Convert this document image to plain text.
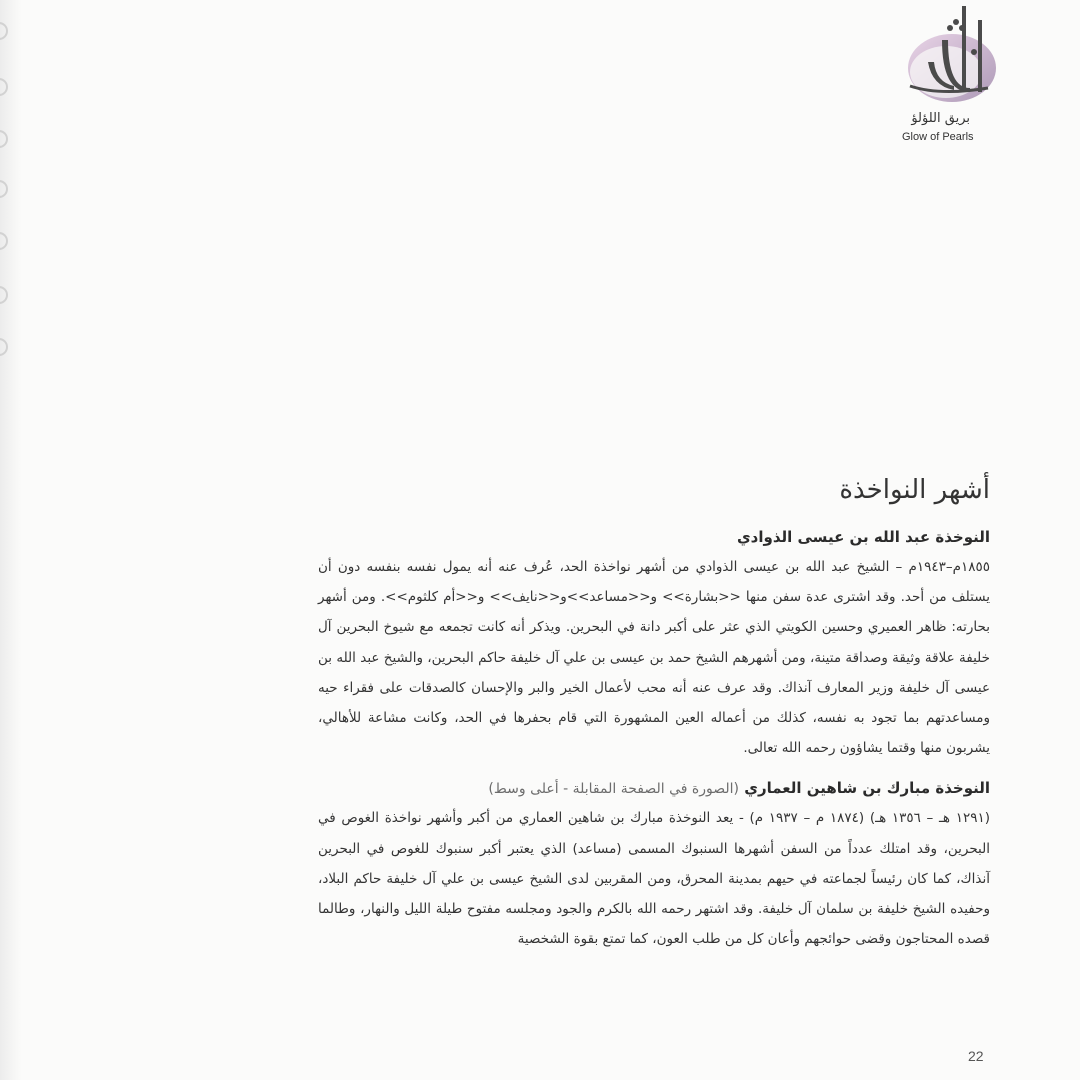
بريق اللؤلؤ
Glow of Pearls
أشهر النواخذة
النوخذة عبد الله بن عيسى الذوادي

١٨٥٥م–١٩٤٣م – الشيخ عبد الله بن عيسى الذوادي من أشهر نواخذة الحد، عُرف عنه أنه يمول نفسه بنفسه دون أن يستلف من أحد. وقد اشترى عدة سفن منها <<بشارة>> و<<مساعد>>و<<نايف>> و<<أم كلثوم>>. ومن أشهر بحارته: ظاهر العميري وحسين الكويتي الذي عثر على أكبر دانة في البحرين. ويذكر أنه كانت تجمعه مع شيوخ البحرين آل خليفة علاقة وثيقة وصداقة متينة، ومن أشهرهم الشيخ حمد بن عيسى بن علي آل خليفة حاكم البحرين، والشيخ عبد الله بن عيسى آل خليفة وزير المعارف آنذاك. وقد عرف عنه أنه محب لأعمال الخير والبر والإحسان كالصدقات على فقراء حيه ومساعدتهم بما تجود به نفسه، كذلك من أعماله العين المشهورة التي قام بحفرها في الحد، وكانت مشاعة للأهالي، يشربون منها وقتما يشاؤون رحمه الله تعالى.

النوخذة مبارك بن شاهين العماري (الصورة في الصفحة المقابلة - أعلى وسط)

(١٢٩١ هـ – ١٣٥٦ هـ) (١٨٧٤ م – ١٩٣٧ م) - يعد النوخذة مبارك بن شاهين العماري من أكبر وأشهر نواخذة الغوص في البحرين، وقد امتلك عدداً من السفن أشهرها السنبوك المسمى (مساعد) الذي يعتبر أكبر سنبوك للغوص في البحرين آنذاك، كما كان رئيساً لجماعته في حيهم بمدينة المحرق، ومن المقربين لدى الشيخ عيسى بن علي آل خليفة حاكم البلاد، وحفيده الشيخ خليفة بن سلمان آل خليفة. وقد اشتهر رحمه الله بالكرم والجود ومجلسه مفتوح طيلة الليل والنهار، وطالما قصده المحتاجون وقضى حوائجهم وأعان كل من طلب العون، كما تمتع بقوة الشخصية

22
